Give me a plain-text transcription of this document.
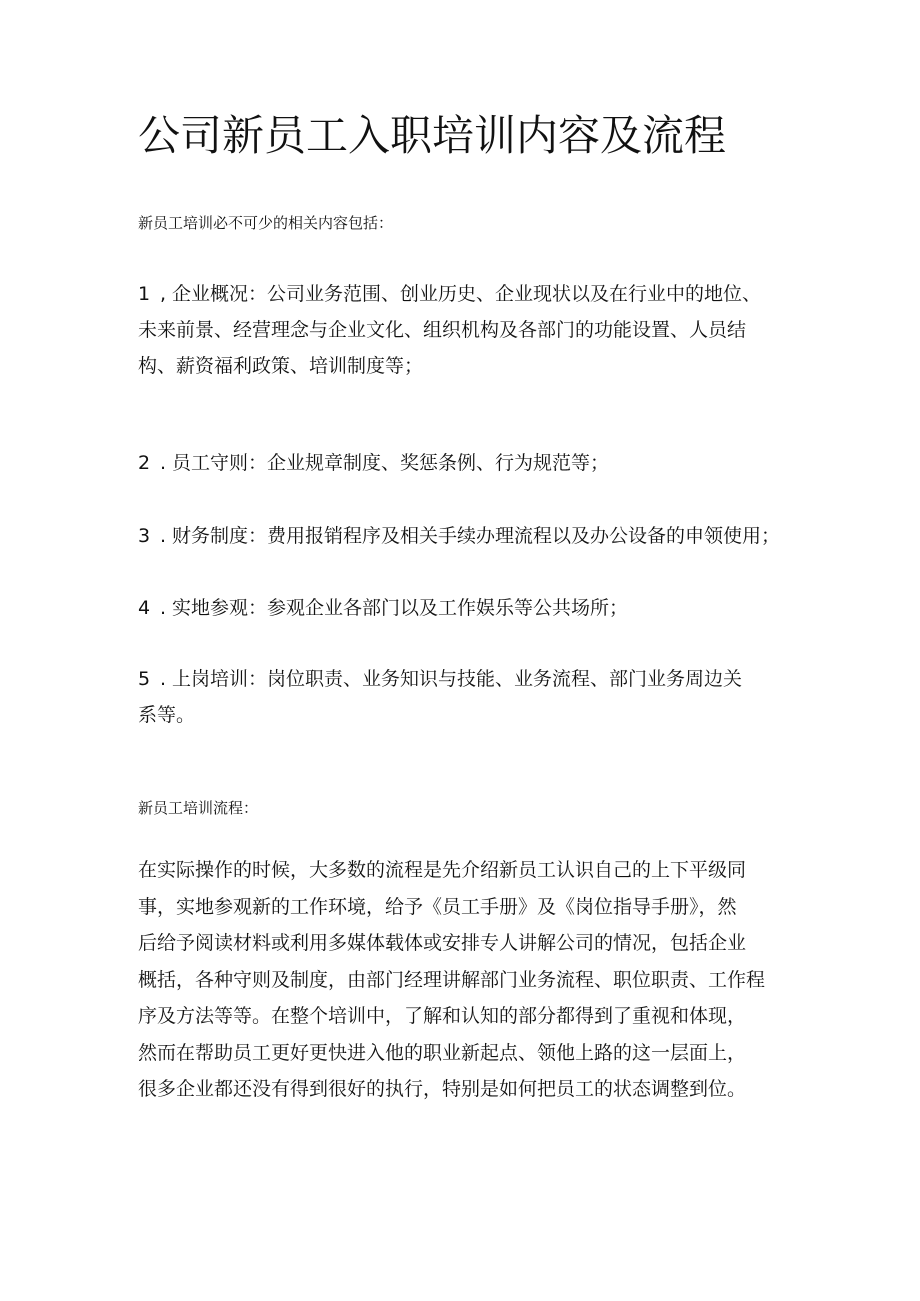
公司新员工入职培训内容及流程

新员工培训必不可少的相关内容包括：

1 , 企业概况：公司业务范围、创业历史、企业现状以及在行业中的地位、
未来前景、经营理念与企业文化、组织机构及各部门的功能设置、人员结
构、薪资福利政策、培训制度等；
2 . 员工守则：企业规章制度、奖惩条例、行为规范等；
3 . 财务制度：费用报销程序及相关手续办理流程以及办公设备的申领使用；
4 . 实地参观：参观企业各部门以及工作娱乐等公共场所；
5 . 上岗培训：岗位职责、业务知识与技能、业务流程、部门业务周边关
系等。

新员工培训流程：

在实际操作的时候，大多数的流程是先介绍新员工认识自己的上下平级同
事，实地参观新的工作环境，给予《员工手册》及《岗位指导手册》，然
后给予阅读材料或利用多媒体载体或安排专人讲解公司的情况，包括企业
概括，各种守则及制度，由部门经理讲解部门业务流程、职位职责、工作程
序及方法等等。在整个培训中，了解和认知的部分都得到了重视和体现，
然而在帮助员工更好更快进入他的职业新起点、领他上路的这一层面上，
很多企业都还没有得到很好的执行，特别是如何把员工的状态调整到位。
